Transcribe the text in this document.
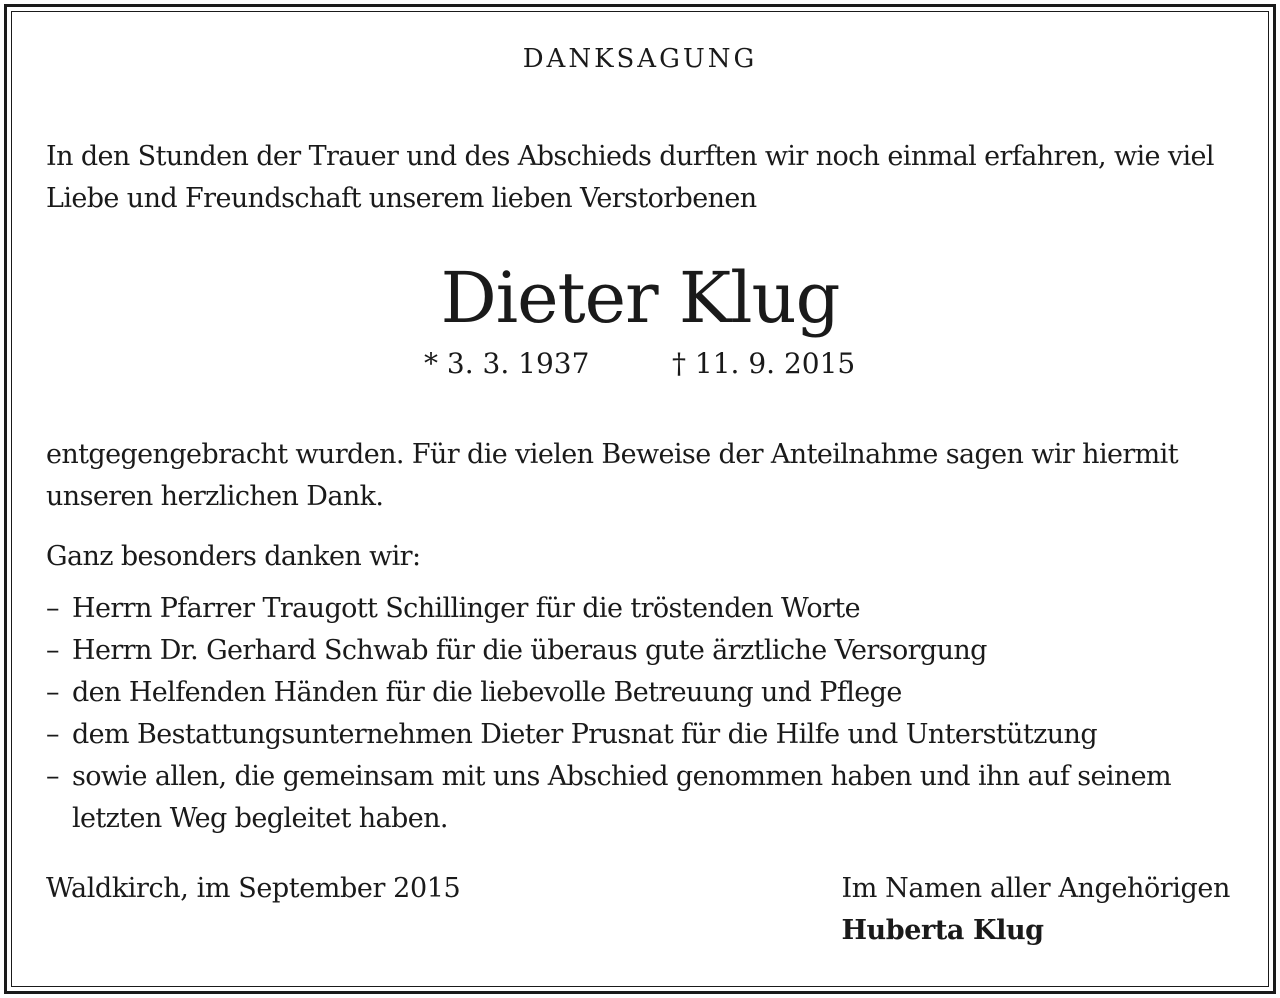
DANKSAGUNG

In den Stunden der Trauer und des Abschieds durften wir noch einmal erfahren, wie viel Liebe und Freundschaft unserem lieben Verstorbenen

Dieter Klug
* 3. 3. 1937	† 11. 9. 2015

entgegengebracht wurden. Für die vielen Beweise der Anteilnahme sagen wir hiermit unseren herzlichen Dank.

Ganz besonders danken wir:

– Herrn Pfarrer Traugott Schillinger für die tröstenden Worte
– Herrn Dr. Gerhard Schwab für die überaus gute ärztliche Versorgung
– den Helfenden Händen für die liebevolle Betreuung und Pflege
– dem Bestattungsunternehmen Dieter Prusnat für die Hilfe und Unterstützung
– sowie allen, die gemeinsam mit uns Abschied genommen haben und ihn auf seinem letzten Weg begleitet haben.
Waldkirch, im September 2015	Im Namen aller Angehörigen
Huberta Klug
